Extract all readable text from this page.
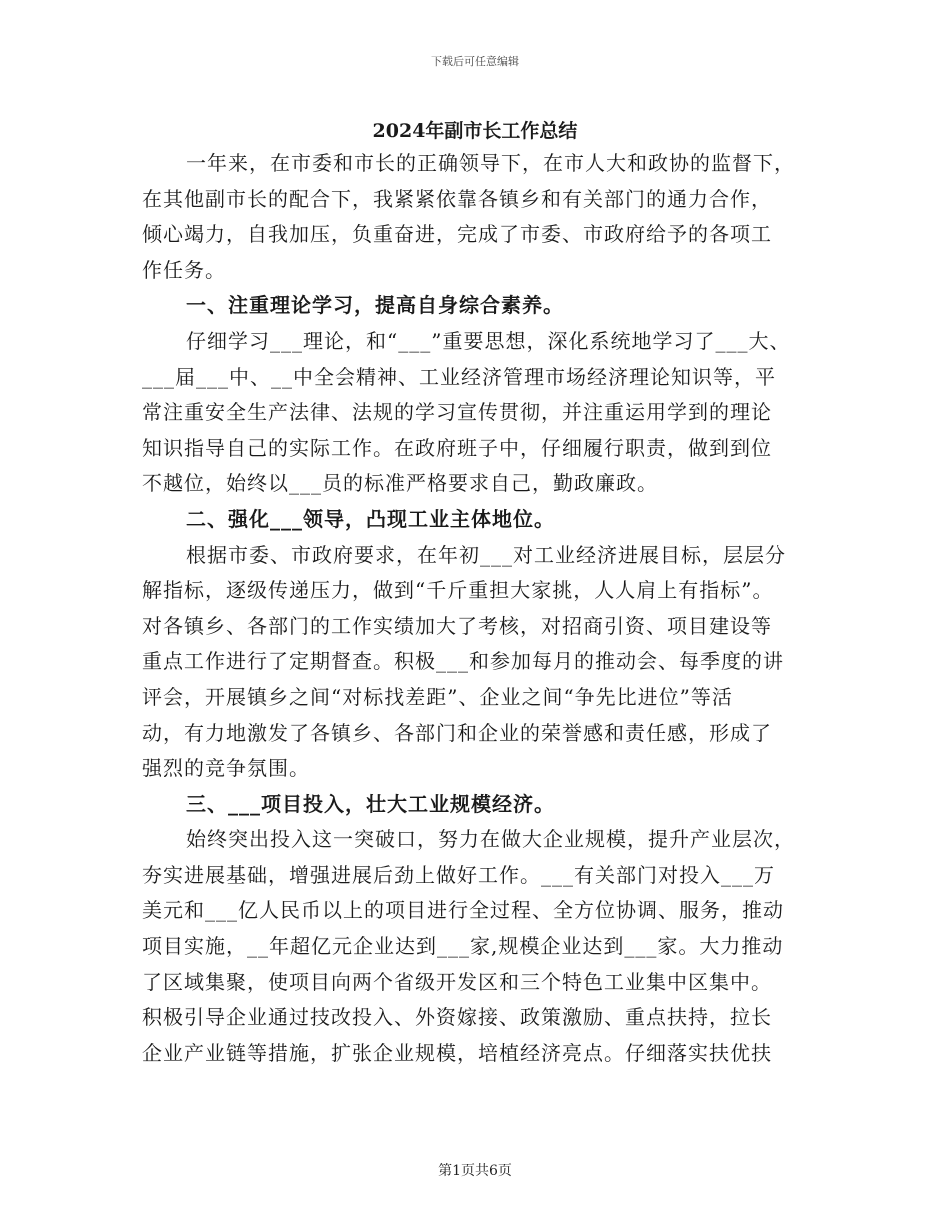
下载后可任意编辑
2024年副市长工作总结
一年来，在市委和市长的正确领导下，在市人大和政协的监督下，
在其他副市长的配合下，我紧紧依靠各镇乡和有关部门的通力合作，
倾心竭力，自我加压，负重奋进，完成了市委、市政府给予的各项工
作任务。
一、注重理论学习，提高自身综合素养。
仔细学习___理论，和“___”重要思想，深化系统地学习了___大、
___届___中、__中全会精神、工业经济管理市场经济理论知识等，平
常注重安全生产法律、法规的学习宣传贯彻，并注重运用学到的理论
知识指导自己的实际工作。在政府班子中，仔细履行职责，做到到位
不越位，始终以___员的标准严格要求自己，勤政廉政。
二、强化___领导，凸现工业主体地位。
根据市委、市政府要求，在年初___对工业经济进展目标，层层分
解指标，逐级传递压力，做到“千斤重担大家挑，人人肩上有指标”。
对各镇乡、各部门的工作实绩加大了考核，对招商引资、项目建设等
重点工作进行了定期督查。积极___和参加每月的推动会、每季度的讲
评会，开展镇乡之间“对标找差距”、企业之间“争先比进位”等活
动，有力地激发了各镇乡、各部门和企业的荣誉感和责任感，形成了
强烈的竞争氛围。
三、___项目投入，壮大工业规模经济。
始终突出投入这一突破口，努力在做大企业规模，提升产业层次，
夯实进展基础，增强进展后劲上做好工作。___有关部门对投入___万
美元和___亿人民币以上的项目进行全过程、全方位协调、服务，推动
项目实施，__年超亿元企业达到___家,规模企业达到___家。大力推动
了区域集聚，使项目向两个省级开发区和三个特色工业集中区集中。
积极引导企业通过技改投入、外资嫁接、政策激励、重点扶持，拉长
企业产业链等措施，扩张企业规模，培植经济亮点。仔细落实扶优扶
第1页共6页
